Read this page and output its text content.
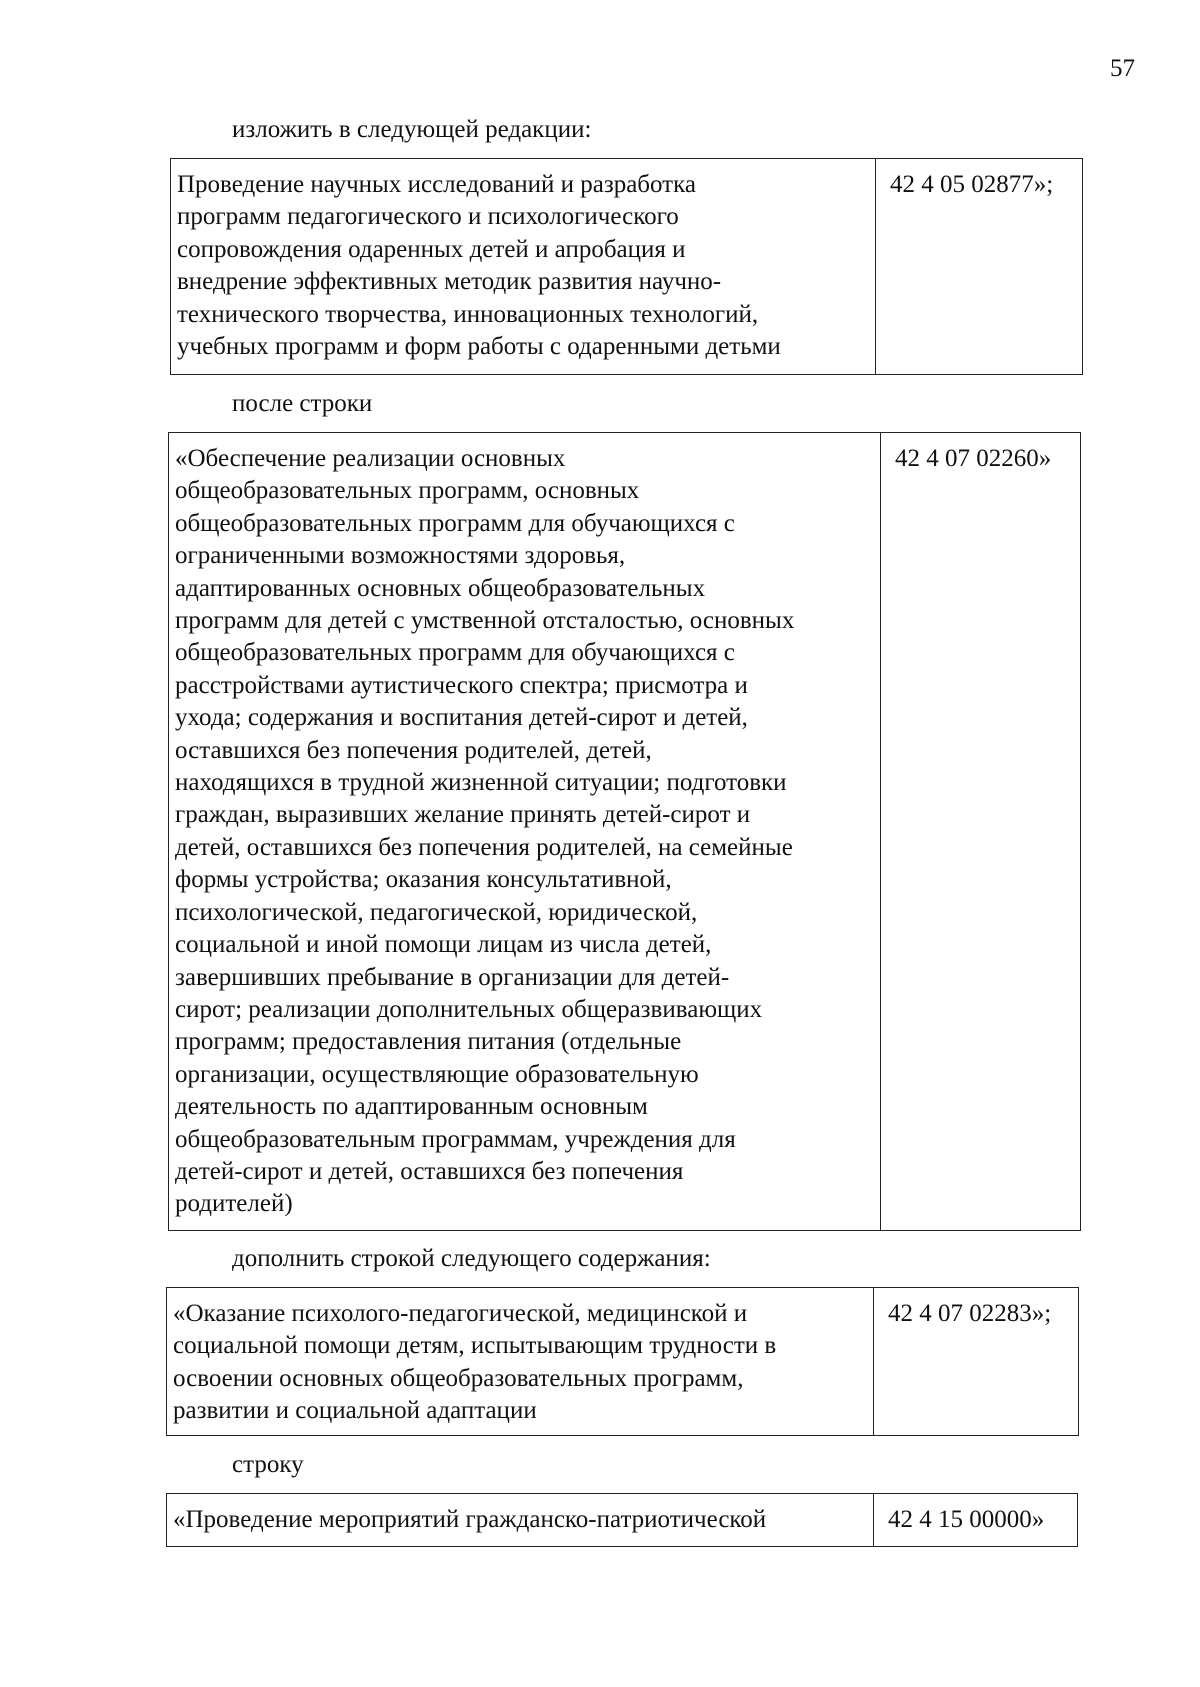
57
изложить в следующей редакции:
Проведение научных исследований и разработка
программ педагогического и психологического
сопровождения одаренных детей и апробация и
внедрение эффективных методик развития научно-
технического творчества, инновационных технологий,
учебных программ и форм работы с одаренными детьми
	42 4 05 02877»;
после строки
«Обеспечение реализации основных
общеобразовательных программ, основных
общеобразовательных программ для обучающихся с
ограниченными возможностями здоровья,
адаптированных основных общеобразовательных
программ для детей с умственной отсталостью, основных
общеобразовательных программ для обучающихся с
расстройствами аутистического спектра; присмотра и
ухода; содержания и воспитания детей-сирот и детей,
оставшихся без попечения родителей, детей,
находящихся в трудной жизненной ситуации; подготовки
граждан, выразивших желание принять детей-сирот и
детей, оставшихся без попечения родителей, на семейные
формы устройства; оказания консультативной,
психологической, педагогической, юридической,
социальной и иной помощи лицам из числа детей,
завершивших пребывание в организации для детей-
сирот; реализации дополнительных общеразвивающих
программ; предоставления питания (отдельные
организации, осуществляющие образовательную
деятельность по адаптированным основным
общеобразовательным программам, учреждения для
детей-сирот и детей, оставшихся без попечения
родителей)
	42 4 07 02260»
дополнить строкой следующего содержания:
«Оказание психолого-педагогической, медицинской и
социальной помощи детям, испытывающим трудности в
освоении основных общеобразовательных программ,
развитии и социальной адаптации
	42 4 07 02283»;
строку
«Проведение мероприятий гражданско-патриотической	42 4 15 00000»
